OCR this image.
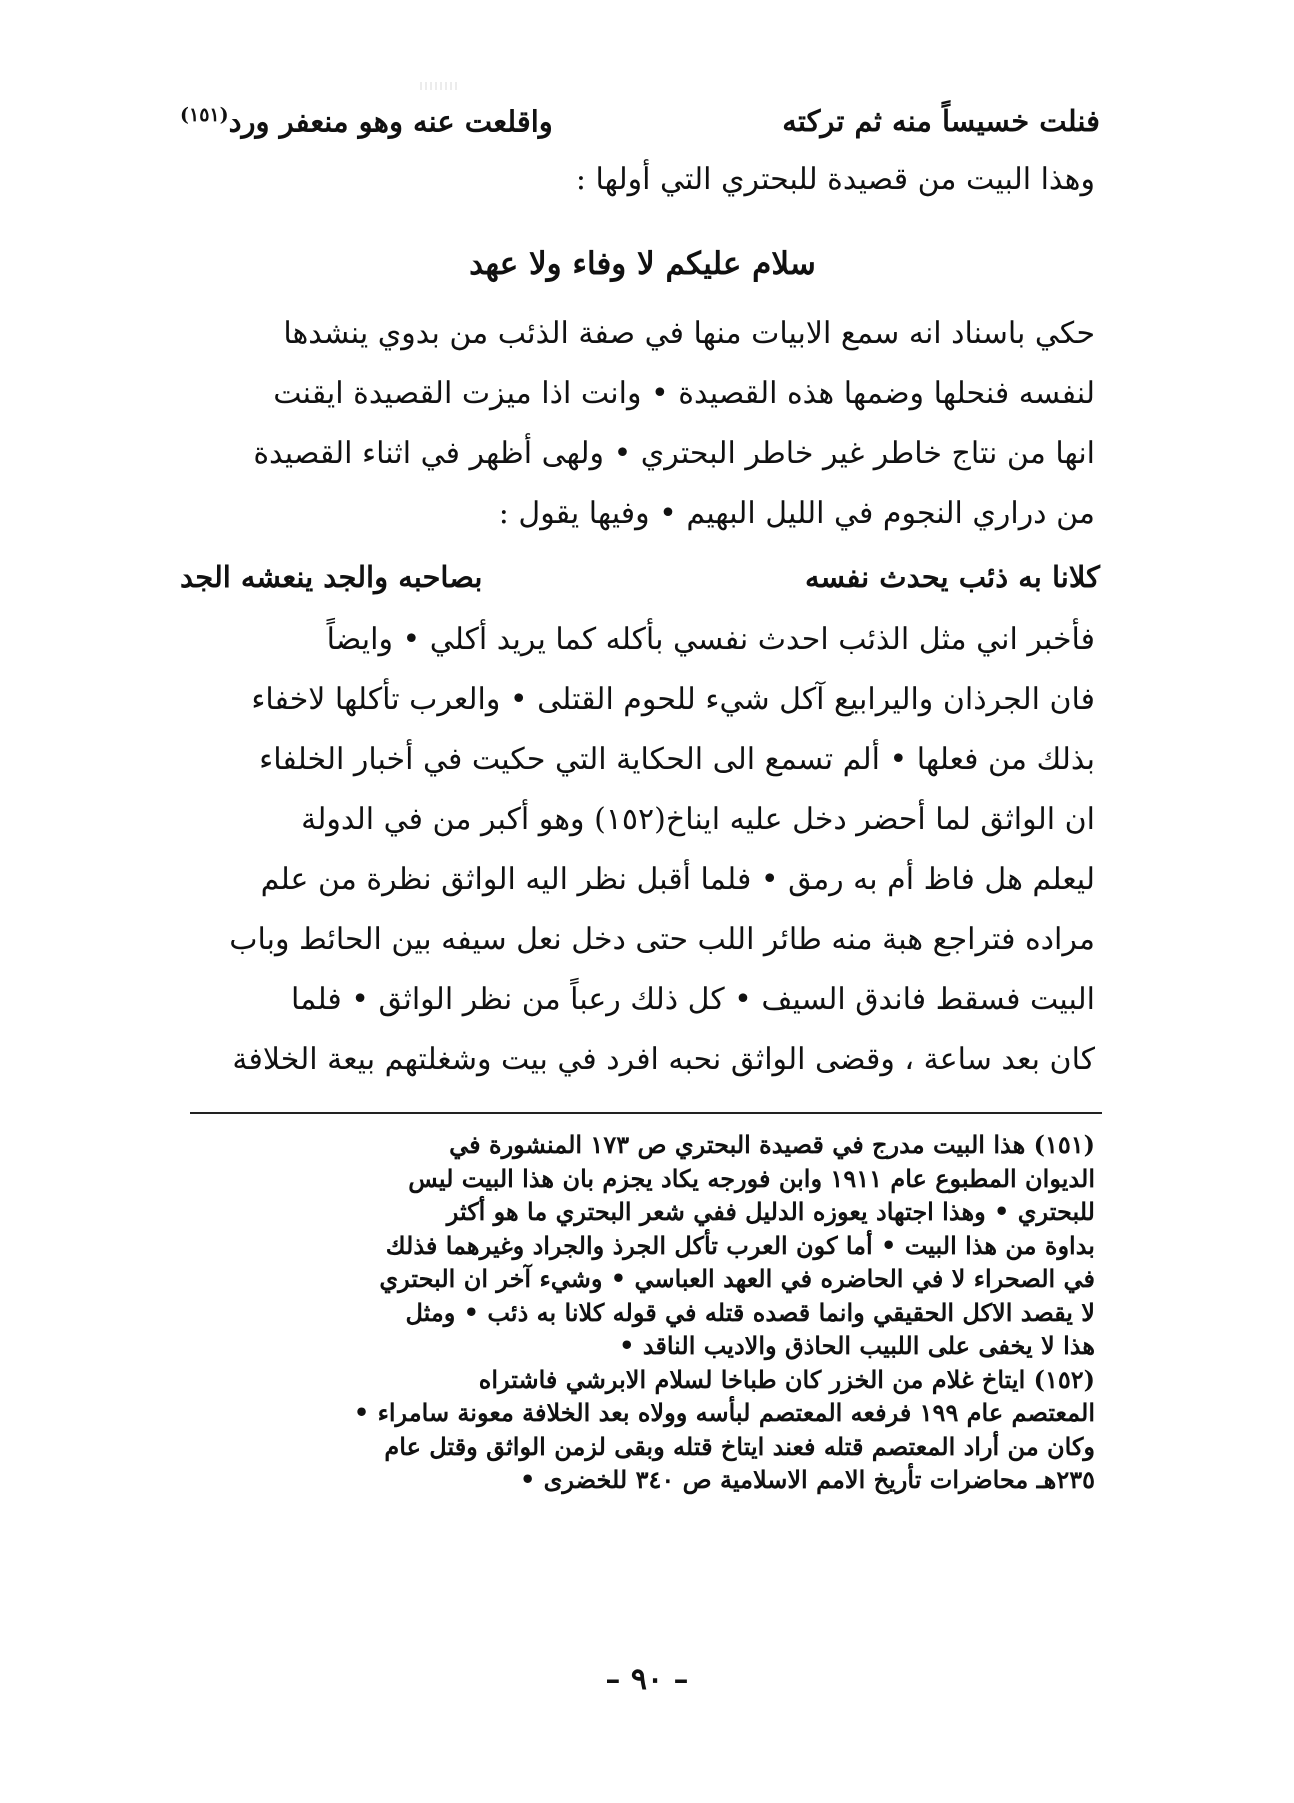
فنلت خسيساً منه ثم تركته
واقلعت عنه وهو منعفر ورد$^{(١٥١)}$
وهذا البيت من قصيدة للبحتري التي أولها :
سلام عليكم لا وفاء ولا عهد
حكي باسناد انه سمع الابيات منها في صفة الذئب من بدوي ينشدها
لنفسه فنحلها وضمها هذه القصيدة • وانت اذا ميزت القصيدة ايقنت
انها من نتاج خاطر غير خاطر البحتري • ولهى أظهر في اثناء القصيدة
من دراري النجوم في الليل البهيم • وفيها يقول :
كلانا به ذئب يحدث نفسه
بصاحبه والجد ينعشه الجد
فأخبر اني مثل الذئب احدث نفسي بأكله كما يريد أكلي • وايضاً
فان الجرذان واليرابيع آكل شيء للحوم القتلى • والعرب تأكلها لاخفاء
بذلك من فعلها • ألم تسمع الى الحكاية التي حكيت في أخبار الخلفاء
ان الواثق لما أحضر دخل عليه ايناخ(١٥٢) وهو أكبر من في الدولة
ليعلم هل فاظ أم به رمق • فلما أقبل نظر اليه الواثق نظرة من علم
مراده فتراجع هبة منه طائر اللب حتى دخل نعل سيفه بين الحائط وباب
البيت فسقط فاندق السيف • كل ذلك رعباً من نظر الواثق • فلما
كان بعد ساعة ، وقضى الواثق نحبه افرد في بيت وشغلتهم بيعة الخلافة
(١٥١) هذا البيت مدرج في قصيدة البحتري ص ١٧٣ المنشورة في
الديوان المطبوع عام ١٩١١ وابن فورجه يكاد يجزم بان هذا البيت ليس
للبحتري • وهذا اجتهاد يعوزه الدليل ففي شعر البحتري ما هو أكثر
بداوة من هذا البيت • أما كون العرب تأكل الجرذ والجراد وغيرهما فذلك
في الصحراء لا في الحاضره في العهد العباسي • وشيء آخر ان البحتري
لا يقصد الاكل الحقيقي وانما قصده قتله في قوله كلانا به ذئب • ومثل
هذا لا يخفى على اللبيب الحاذق والاديب الناقد •
(١٥٢) ايتاخ غلام من الخزر كان طباخا لسلام الابرشي فاشتراه
المعتصم عام ١٩٩ فرفعه المعتصم لبأسه وولاه بعد الخلافة معونة سامراء •
وكان من أراد المعتصم قتله فعند ايتاخ قتله وبقى لزمن الواثق وقتل عام
٢٣٥هـ محاضرات تأريخ الامم الاسلامية ص ٣٤٠ للخضرى •
– ٩٠ –
